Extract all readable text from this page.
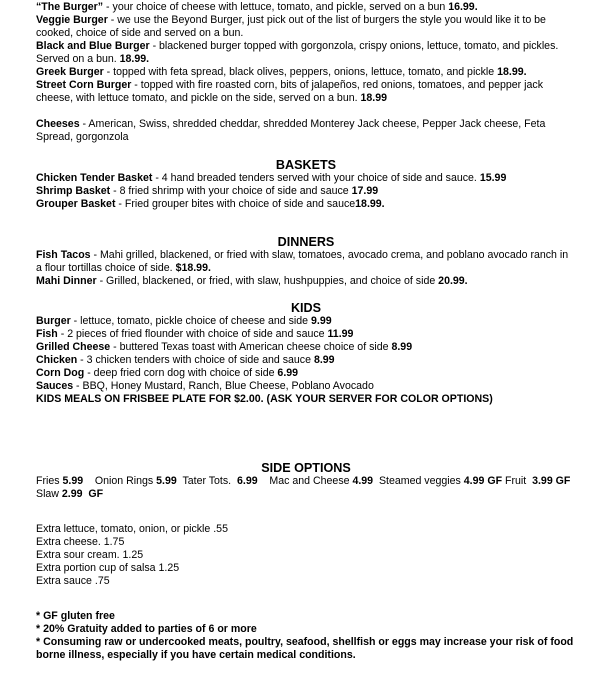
“The Burger” - your choice of cheese with lettuce, tomato, and pickle, served on a bun 16.99.

Veggie Burger - we use the Beyond Burger, just pick out of the list of burgers the style you would like it to be cooked, choice of side and served on a bun.

Black and Blue Burger - blackened burger topped with gorgonzola, crispy onions, lettuce, tomato, and pickles. Served on a bun. 18.99.

Greek Burger - topped with feta spread, black olives, peppers, onions, lettuce, tomato, and pickle 18.99.

Street Corn Burger - topped with fire roasted corn, bits of jalapeños, red onions, tomatoes, and pepper jack cheese, with lettuce tomato, and pickle on the side, served on a bun. 18.99

Cheeses - American, Swiss, shredded cheddar, shredded Monterey Jack cheese, Pepper Jack cheese, Feta Spread, gorgonzola

BASKETS

Chicken Tender Basket - 4 hand breaded tenders served with your choice of side and sauce. 15.99

Shrimp Basket - 8 fried shrimp with your choice of side and sauce 17.99

Grouper Basket - Fried grouper bites with choice of side and sauce18.99.

DINNERS

Fish Tacos - Mahi grilled, blackened, or fried with slaw, tomatoes, avocado crema, and poblano avocado ranch in a flour tortillas choice of side. $18.99.

Mahi Dinner - Grilled, blackened, or fried, with slaw, hushpuppies, and choice of side 20.99.

KIDS

Burger - lettuce, tomato, pickle choice of cheese and side 9.99

Fish - 2 pieces of fried flounder with choice of side and sauce 11.99

Grilled Cheese - buttered Texas toast with American cheese choice of side 8.99

Chicken - 3 chicken tenders with choice of side and sauce 8.99

Corn Dog - deep fried corn dog with choice of side 6.99

Sauces - BBQ, Honey Mustard, Ranch, Blue Cheese, Poblano Avocado

KIDS MEALS ON FRISBEE PLATE FOR $2.00. (ASK YOUR SERVER FOR COLOR OPTIONS)

SIDE OPTIONS

Fries 5.99    Onion Rings 5.99  Tater Tots.  6.99    Mac and Cheese 4.99  Steamed veggies 4.99 GF Fruit  3.99 GF      Slaw 2.99  GF

Extra lettuce, tomato, onion, or pickle .55

Extra cheese. 1.75

Extra sour cream. 1.25

Extra portion cup of salsa 1.25

Extra sauce .75

* GF gluten free

* 20% Gratuity added to parties of 6 or more

* Consuming raw or undercooked meats, poultry, seafood, shellfish or eggs may increase your risk of food borne illness, especially if you have certain medical conditions.
